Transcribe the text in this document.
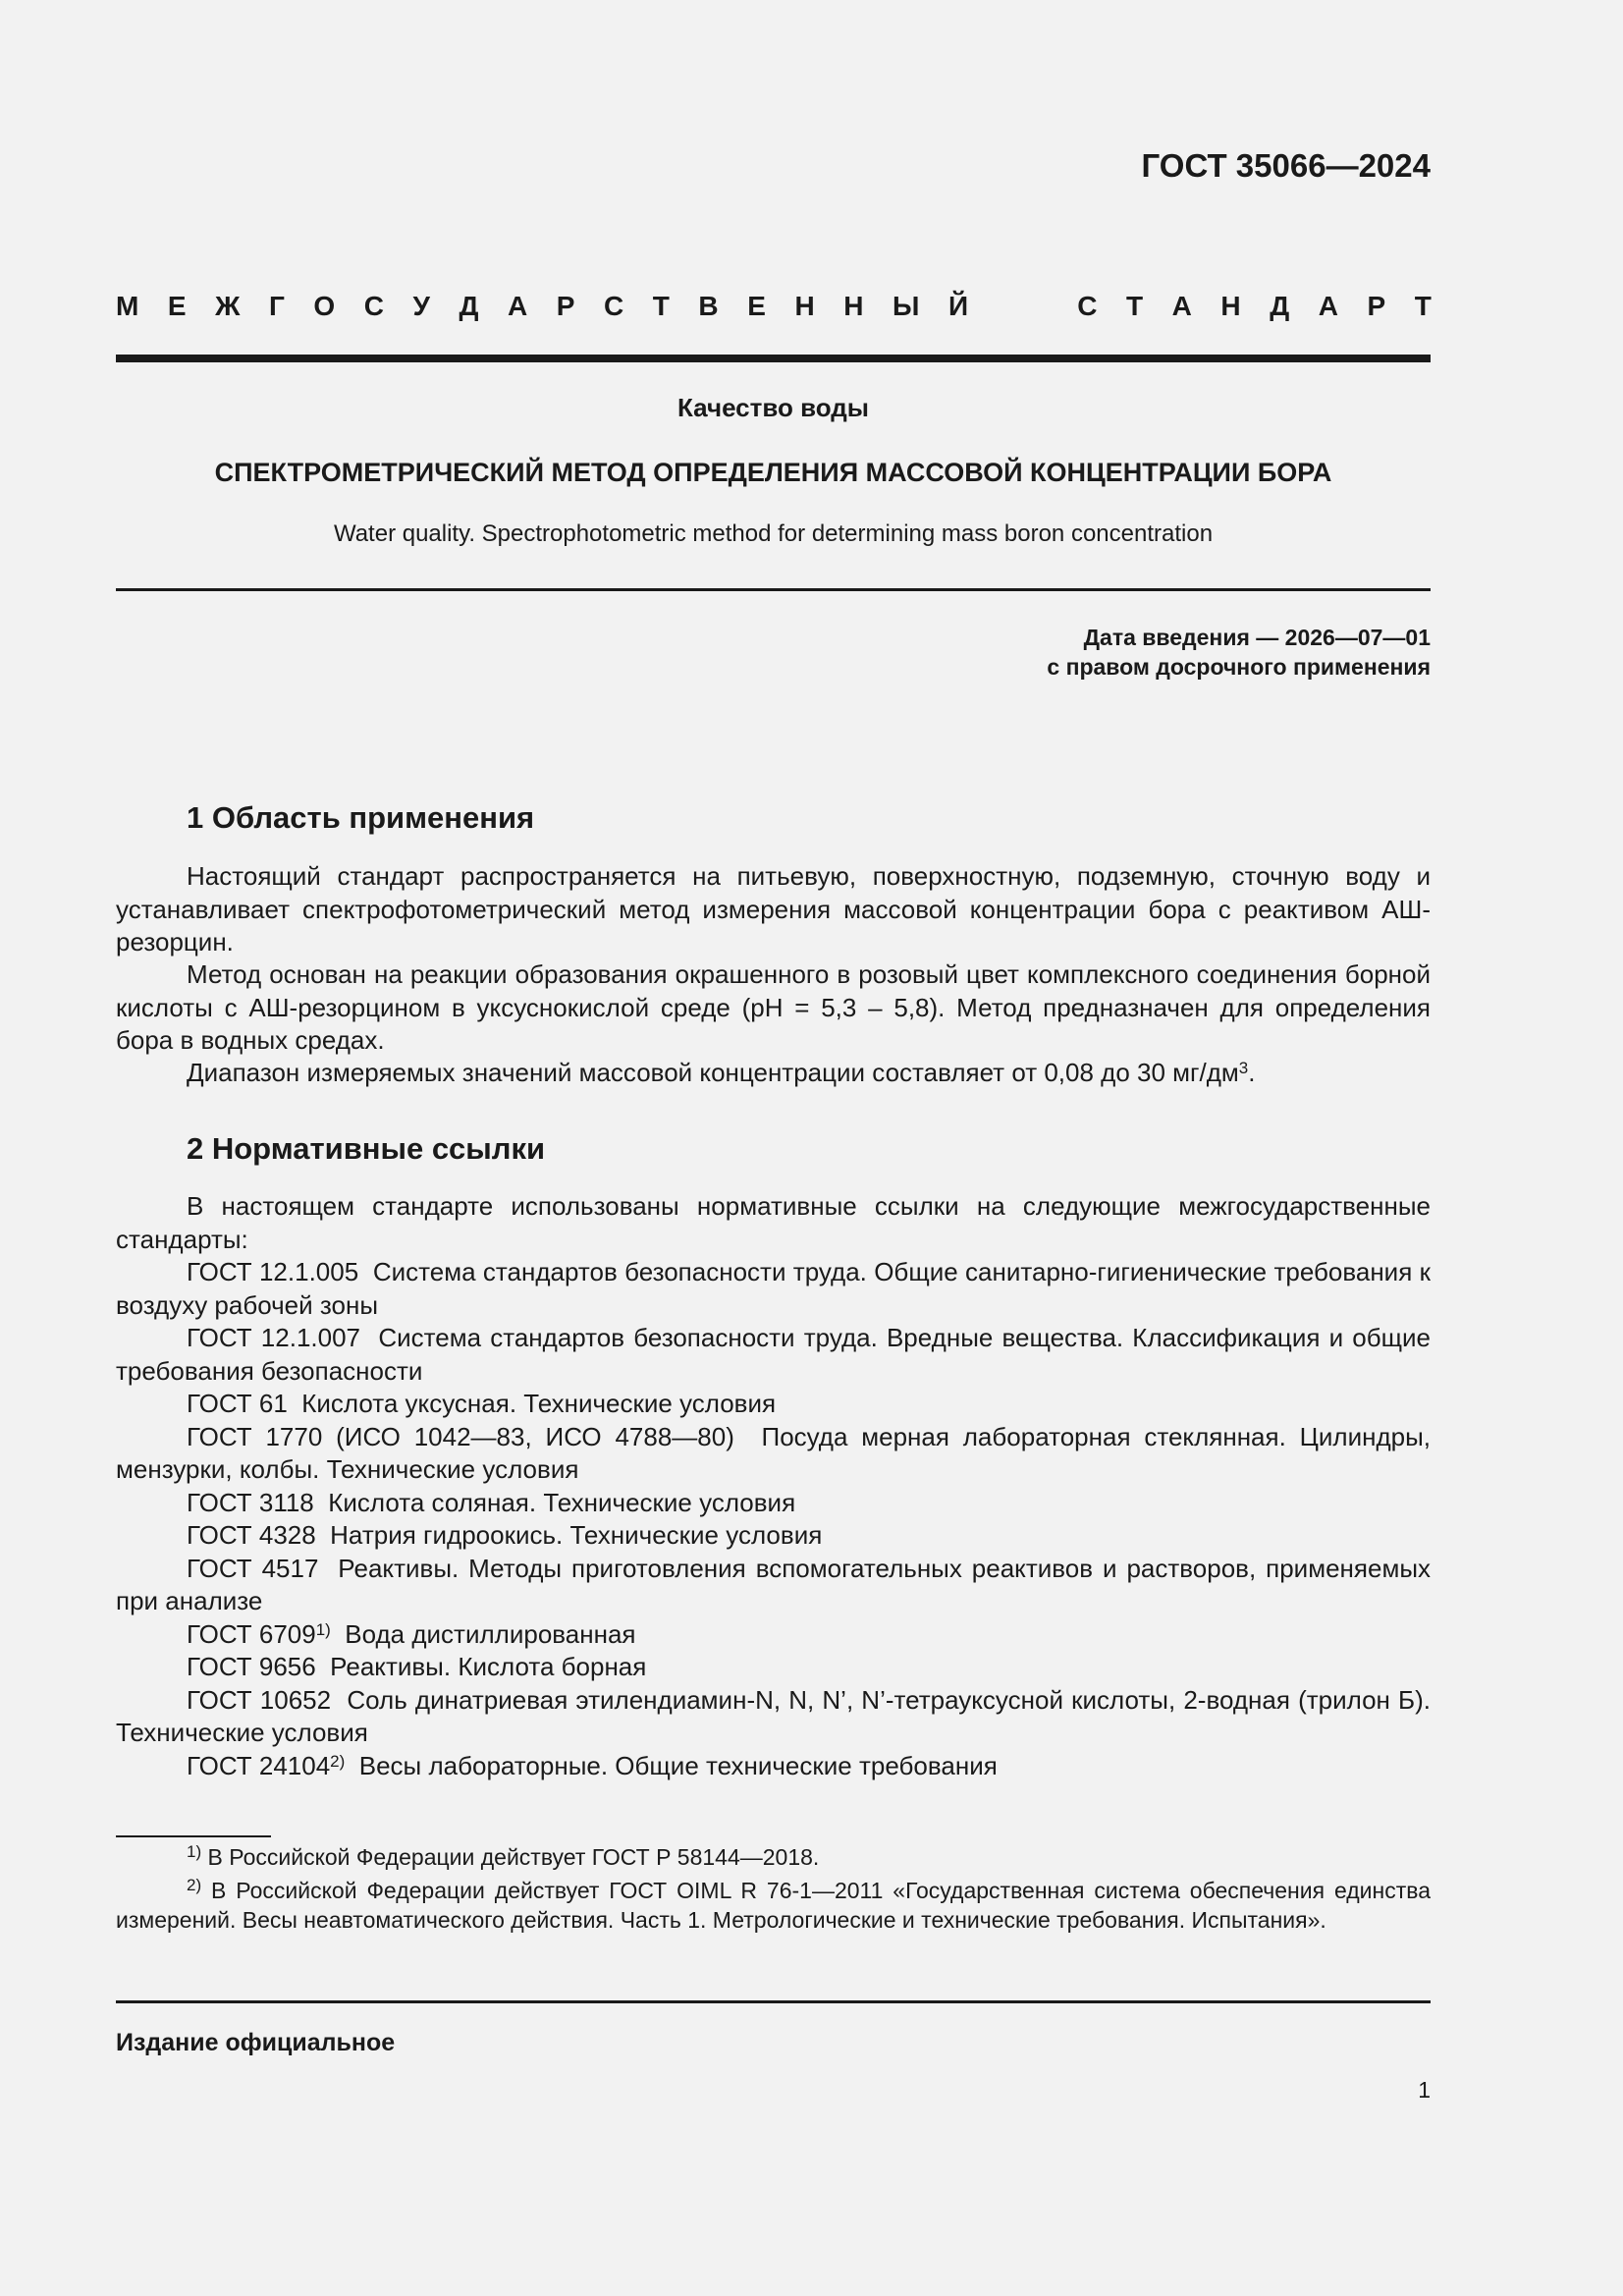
ГОСТ 35066—2024
М Е Ж Г О С У Д А Р С Т В Е Н Н Ы Й	С Т А Н Д А Р Т
Качество воды
СПЕКТРОМЕТРИЧЕСКИЙ МЕТОД ОПРЕДЕЛЕНИЯ МАССОВОЙ КОНЦЕНТРАЦИИ БОРА
Water quality. Spectrophotometric method for determining mass boron concentration
Дата введения — 2026—07—01
с правом досрочного применения
1 Область применения

Настоящий стандарт распространяется на питьевую, поверхностную, подземную, сточную воду и устанавливает спектрофотометрический метод измерения массовой концентрации бора с реактивом АШ-резорцин.

Метод основан на реакции образования окрашенного в розовый цвет комплексного соединения борной кислоты с АШ-резорцином в уксуснокислой среде (pH = 5,3 – 5,8). Метод предназначен для определения бора в водных средах.

Диапазон измеряемых значений массовой концентрации составляет от 0,08 до 30 $мг/дм^3$.

2 Нормативные ссылки

В настоящем стандарте использованы нормативные ссылки на следующие межгосударственные стандарты:

ГОСТ 12.1.005 Система стандартов безопасности труда. Общие санитарно-гигиенические требования к воздуху рабочей зоны

ГОСТ 12.1.007 Система стандартов безопасности труда. Вредные вещества. Классификация и общие требования безопасности

ГОСТ 61 Кислота уксусная. Технические условия

ГОСТ 1770 (ИСО 1042—83, ИСО 4788—80) Посуда мерная лабораторная стеклянная. Цилиндры, мензурки, колбы. Технические условия

ГОСТ 3118 Кислота соляная. Технические условия

ГОСТ 4328 Натрия гидроокись. Технические условия

ГОСТ 4517 Реактивы. Методы приготовления вспомогательных реактивов и растворов, применяемых при анализе

ГОСТ 6709$^{1)}$ Вода дистиллированная

ГОСТ 9656 Реактивы. Кислота борная

ГОСТ 10652 Соль динатриевая этилендиамин-N, N, N’, N’-тетрауксусной кислоты, 2-водная (трилон Б). Технические условия

ГОСТ 24104$^{2)}$ Весы лабораторные. Общие технические требования

$^{1)}$ В Российской Федерации действует ГОСТ Р 58144—2018.

$^{2)}$ В Российской Федерации действует ГОСТ OIML R 76-1—2011 «Государственная система обеспечения единства измерений. Весы неавтоматического действия. Часть 1. Метрологические и технические требования. Испытания».

Издание официальное
1
